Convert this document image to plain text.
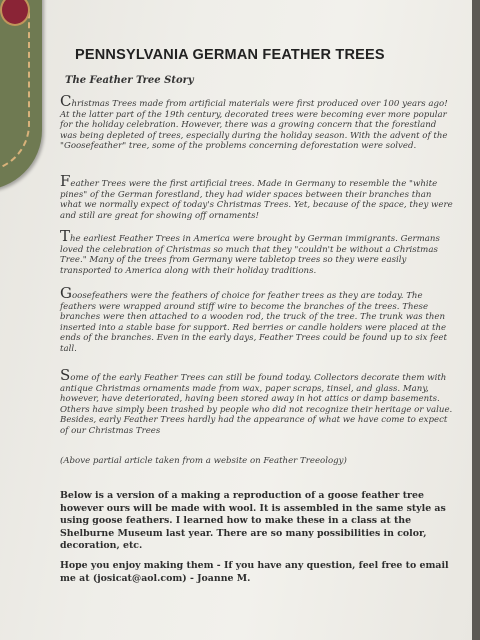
PENNSYLVANIA GERMAN FEATHER TREES
The Feather Tree Story
Christmas Trees made from artificial materials were first produced over 100 years ago! At the latter part of the 19th century, decorated trees were becoming ever more popular for the holiday celebration. However, there was a growing concern that the forestland was being depleted of trees, especially during the holiday season. With the advent of the "Goosefeather" tree, some of the problems concerning deforestation were solved.
Feather Trees were the first artificial trees. Made in Germany to resemble the "white pines" of the German forestland, they had wider spaces between their branches than what we normally expect of today's Christmas Trees. Yet, because of the space, they were and still are great for showing off ornaments!
The earliest Feather Trees in America were brought by German immigrants. Germans loved the celebration of Christmas so much that they "couldn't be without a Christmas Tree." Many of the trees from Germany were tabletop trees so they were easily transported to America along with their holiday traditions.
Goosefeathers were the feathers of choice for feather trees as they are today. The feathers were wrapped around stiff wire to become the branches of the trees. These branches were then attached to a wooden rod, the truck of the tree. The trunk was then inserted into a stable base for support. Red berries or candle holders were placed at the ends of the branches. Even in the early days, Feather Trees could be found up to six feet tall.
Some of the early Feather Trees can still be found today. Collectors decorate them with antique Christmas ornaments made from wax, paper scraps, tinsel, and glass. Many, however, have deteriorated, having been stored away in hot attics or damp basements. Others have simply been trashed by people who did not recognize their heritage or value. Besides, early Feather Trees hardly had the appearance of what we have come to expect of our Christmas Trees
(Above partial article taken from a website on Feather Treeology)
Below is a version of a making a reproduction of a goose feather tree however ours will be made with wool. It is assembled in the same style as using goose feathers. I learned how to make these in a class at the Shelburne Museum last year. There are so many possibilities in color, decoration, etc.
Hope you enjoy making them - If you have any question, feel free to email me at (josicat@aol.com) - Joanne M.
